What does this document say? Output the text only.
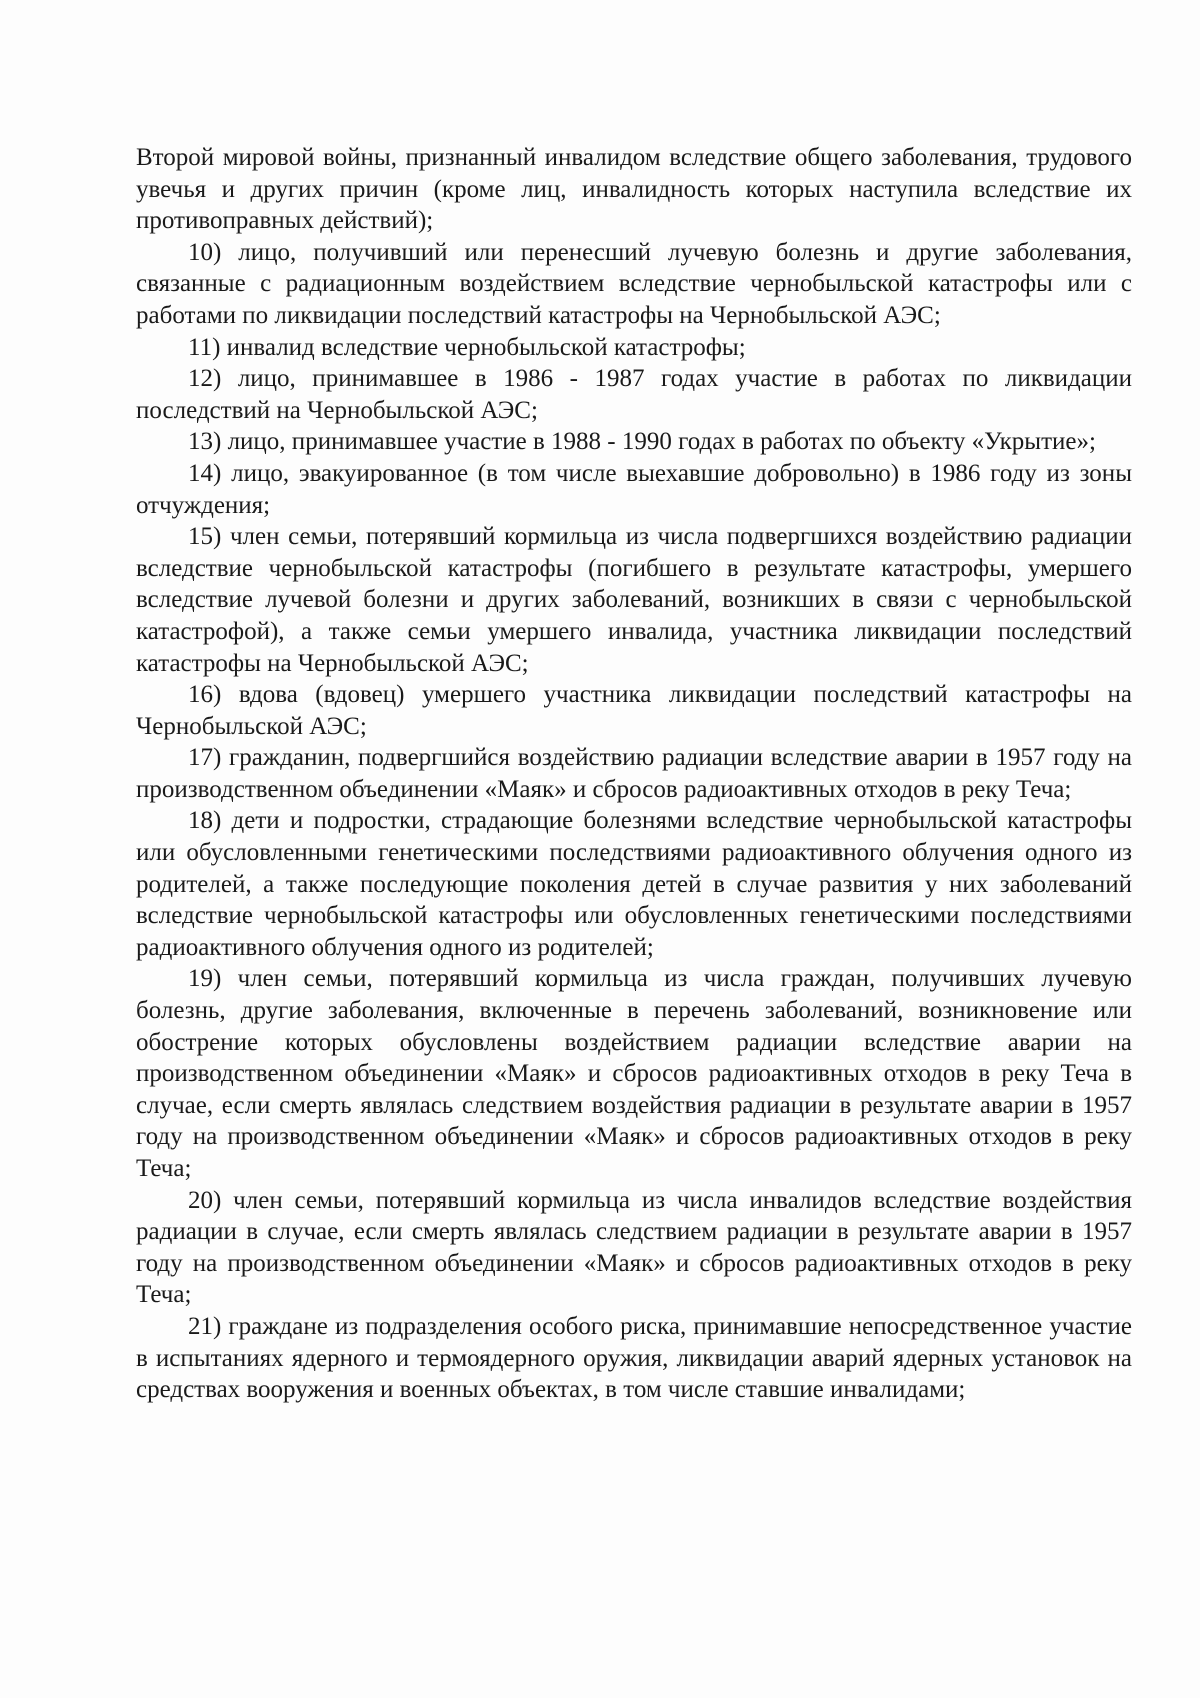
Второй мировой войны, признанный инвалидом вследствие общего заболевания, трудового увечья и других причин (кроме лиц, инвалидность которых наступила вследствие их противоправных действий);

10) лицо, получивший или перенесший лучевую болезнь и другие заболевания, связанные с радиационным воздействием вследствие чернобыльской катастрофы или с работами по ликвидации последствий катастрофы на Чернобыльской АЭС;

11) инвалид вследствие чернобыльской катастрофы;

12) лицо, принимавшее в 1986 - 1987 годах участие в работах по ликвидации последствий на Чернобыльской АЭС;

13) лицо, принимавшее участие в 1988 - 1990 годах в работах по объекту «Укрытие»;

14) лицо, эвакуированное (в том числе выехавшие добровольно) в 1986 году из зоны отчуждения;

15) член семьи, потерявший кормильца из числа подвергшихся воздействию радиации вследствие чернобыльской катастрофы (погибшего в результате катастрофы, умершего вследствие лучевой болезни и других заболеваний, возникших в связи с чернобыльской катастрофой), а также семьи умершего инвалида, участника ликвидации последствий катастрофы на Чернобыльской АЭС;

16) вдова (вдовец) умершего участника ликвидации последствий катастрофы на Чернобыльской АЭС;

17) гражданин, подвергшийся воздействию радиации вследствие аварии в 1957 году на производственном объединении «Маяк» и сбросов радиоактивных отходов в реку Теча;

18) дети и подростки, страдающие болезнями вследствие чернобыльской катастрофы или обусловленными генетическими последствиями радиоактивного облучения одного из родителей, а также последующие поколения детей в случае развития у них заболеваний вследствие чернобыльской катастрофы или обусловленных генетическими последствиями радиоактивного облучения одного из родителей;

19) член семьи, потерявший кормильца из числа граждан, получивших лучевую болезнь, другие заболевания, включенные в перечень заболеваний, возникновение или обострение которых обусловлены воздействием радиации вследствие аварии на производственном объединении «Маяк» и сбросов радиоактивных отходов в реку Теча в случае, если смерть являлась следствием воздействия радиации в результате аварии в 1957 году на производственном объединении «Маяк» и сбросов радиоактивных отходов в реку Теча;

20) член семьи, потерявший кормильца из числа инвалидов вследствие воздействия радиации в случае, если смерть являлась следствием радиации в результате аварии в 1957 году на производственном объединении «Маяк» и сбросов радиоактивных отходов в реку Теча;

21) граждане из подразделения особого риска, принимавшие непосредственное участие в испытаниях ядерного и термоядерного оружия, ликвидации аварий ядерных установок на средствах вооружения и военных объектах, в том числе ставшие инвалидами;
